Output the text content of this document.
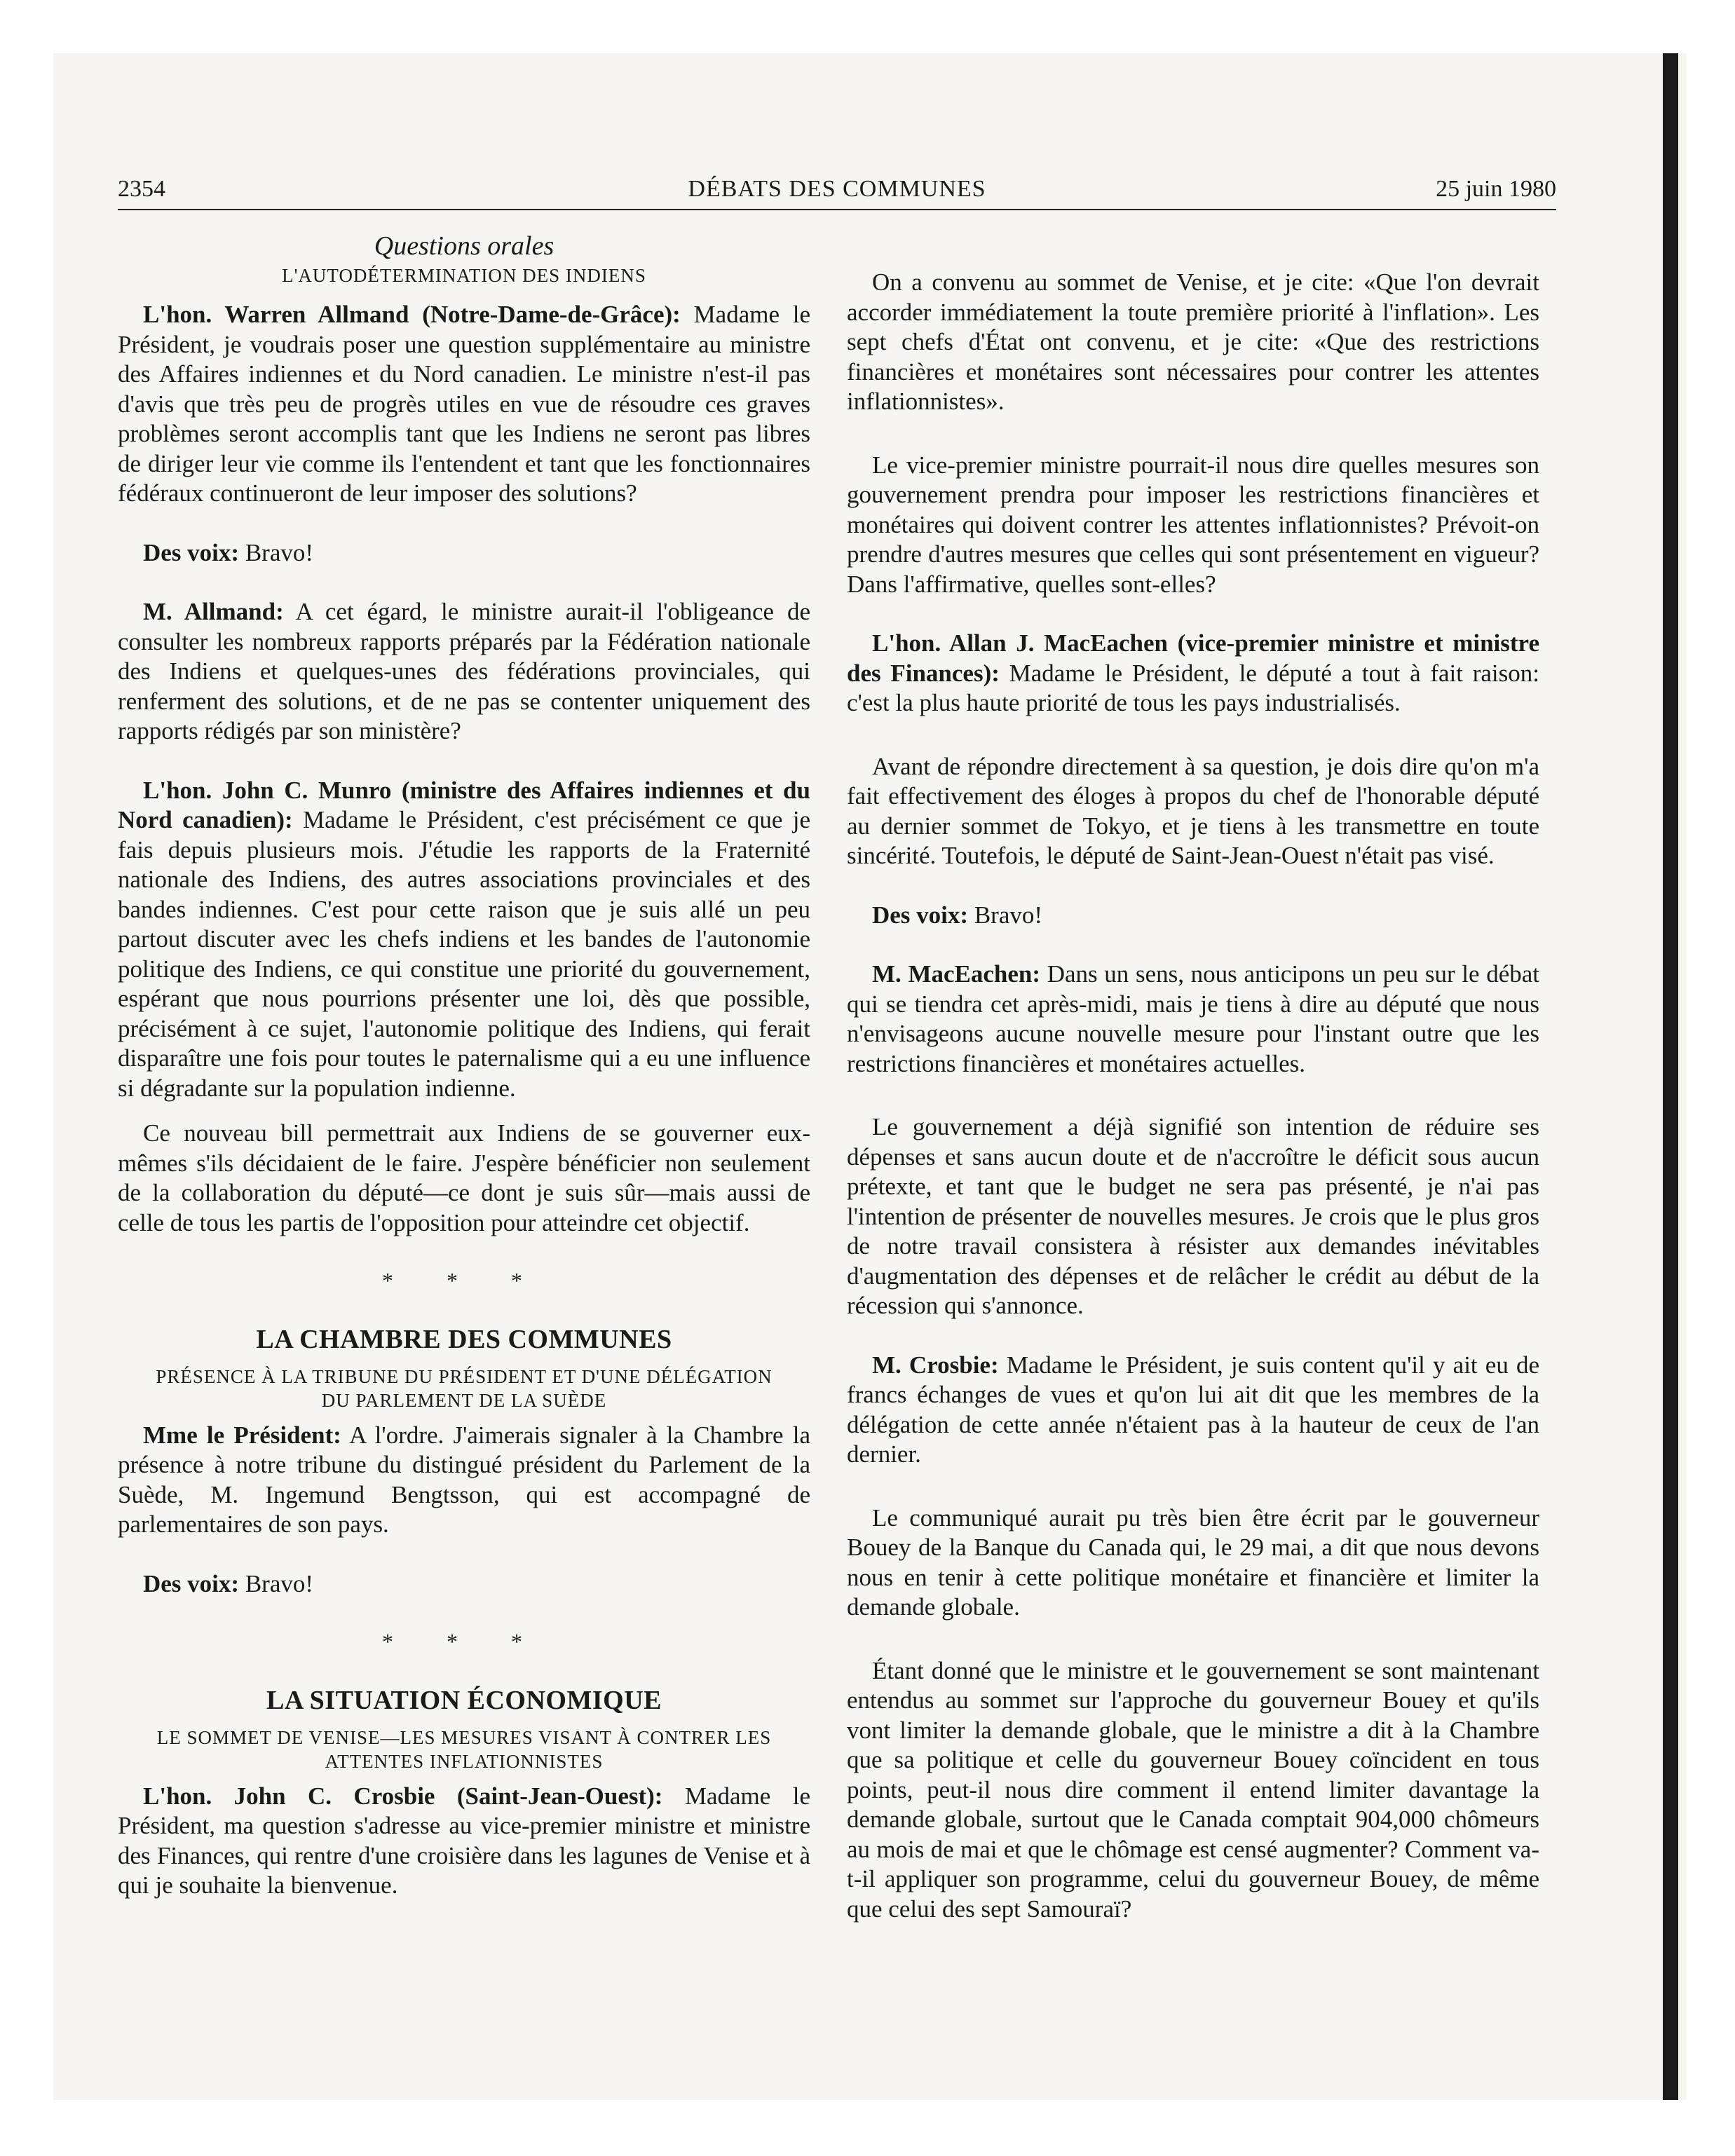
2354	DÉBATS DES COMMUNES	25 juin 1980
Questions orales
L'AUTODÉTERMINATION DES INDIENS

L'hon. Warren Allmand (Notre-Dame-de-Grâce): Madame le Président, je voudrais poser une question supplémentaire au ministre des Affaires indiennes et du Nord canadien. Le ministre n'est-il pas d'avis que très peu de progrès utiles en vue de résoudre ces graves problèmes seront accomplis tant que les Indiens ne seront pas libres de diriger leur vie comme ils l'entendent et tant que les fonctionnaires fédéraux continueront de leur imposer des solutions?

Des voix: Bravo!

M. Allmand: A cet égard, le ministre aurait-il l'obligeance de consulter les nombreux rapports préparés par la Fédération nationale des Indiens et quelques-unes des fédérations provinciales, qui renferment des solutions, et de ne pas se contenter uniquement des rapports rédigés par son ministère?

L'hon. John C. Munro (ministre des Affaires indiennes et du Nord canadien): Madame le Président, c'est précisément ce que je fais depuis plusieurs mois. J'étudie les rapports de la Fraternité nationale des Indiens, des autres associations provinciales et des bandes indiennes. C'est pour cette raison que je suis allé un peu partout discuter avec les chefs indiens et les bandes de l'autonomie politique des Indiens, ce qui constitue une priorité du gouvernement, espérant que nous pourrions présenter une loi, dès que possible, précisément à ce sujet, l'autonomie politique des Indiens, qui ferait disparaître une fois pour toutes le paternalisme qui a eu une influence si dégradante sur la population indienne.

Ce nouveau bill permettrait aux Indiens de se gouverner eux-mêmes s'ils décidaient de le faire. J'espère bénéficier non seulement de la collaboration du député—ce dont je suis sûr—mais aussi de celle de tous les partis de l'opposition pour atteindre cet objectif.

* * *
LA CHAMBRE DES COMMUNES
PRÉSENCE À LA TRIBUNE DU PRÉSIDENT ET D'UNE DÉLÉGATION DU PARLEMENT DE LA SUÈDE

Mme le Président: A l'ordre. J'aimerais signaler à la Chambre la présence à notre tribune du distingué président du Parlement de la Suède, M. Ingemund Bengtsson, qui est accompagné de parlementaires de son pays.

Des voix: Bravo!

* * *
LA SITUATION ÉCONOMIQUE
LE SOMMET DE VENISE—LES MESURES VISANT À CONTRER LES ATTENTES INFLATIONNISTES

L'hon. John C. Crosbie (Saint-Jean-Ouest): Madame le Président, ma question s'adresse au vice-premier ministre et ministre des Finances, qui rentre d'une croisière dans les lagunes de Venise et à qui je souhaite la bienvenue.

On a convenu au sommet de Venise, et je cite: «Que l'on devrait accorder immédiatement la toute première priorité à l'inflation». Les sept chefs d'État ont convenu, et je cite: «Que des restrictions financières et monétaires sont nécessaires pour contrer les attentes inflationnistes».

Le vice-premier ministre pourrait-il nous dire quelles mesures son gouvernement prendra pour imposer les restrictions financières et monétaires qui doivent contrer les attentes inflationnistes? Prévoit-on prendre d'autres mesures que celles qui sont présentement en vigueur? Dans l'affirmative, quelles sont-elles?

L'hon. Allan J. MacEachen (vice-premier ministre et ministre des Finances): Madame le Président, le député a tout à fait raison: c'est la plus haute priorité de tous les pays industrialisés.

Avant de répondre directement à sa question, je dois dire qu'on m'a fait effectivement des éloges à propos du chef de l'honorable député au dernier sommet de Tokyo, et je tiens à les transmettre en toute sincérité. Toutefois, le député de Saint-Jean-Ouest n'était pas visé.

Des voix: Bravo!

M. MacEachen: Dans un sens, nous anticipons un peu sur le débat qui se tiendra cet après-midi, mais je tiens à dire au député que nous n'envisageons aucune nouvelle mesure pour l'instant outre que les restrictions financières et monétaires actuelles.

Le gouvernement a déjà signifié son intention de réduire ses dépenses et sans aucun doute et de n'accroître le déficit sous aucun prétexte, et tant que le budget ne sera pas présenté, je n'ai pas l'intention de présenter de nouvelles mesures. Je crois que le plus gros de notre travail consistera à résister aux demandes inévitables d'augmentation des dépenses et de relâcher le crédit au début de la récession qui s'annonce.

M. Crosbie: Madame le Président, je suis content qu'il y ait eu de francs échanges de vues et qu'on lui ait dit que les membres de la délégation de cette année n'étaient pas à la hauteur de ceux de l'an dernier.

Le communiqué aurait pu très bien être écrit par le gouverneur Bouey de la Banque du Canada qui, le 29 mai, a dit que nous devons nous en tenir à cette politique monétaire et financière et limiter la demande globale.

Étant donné que le ministre et le gouvernement se sont maintenant entendus au sommet sur l'approche du gouverneur Bouey et qu'ils vont limiter la demande globale, que le ministre a dit à la Chambre que sa politique et celle du gouverneur Bouey coïncident en tous points, peut-il nous dire comment il entend limiter davantage la demande globale, surtout que le Canada comptait 904,000 chômeurs au mois de mai et que le chômage est censé augmenter? Comment va-t-il appliquer son programme, celui du gouverneur Bouey, de même que celui des sept Samouraï?
